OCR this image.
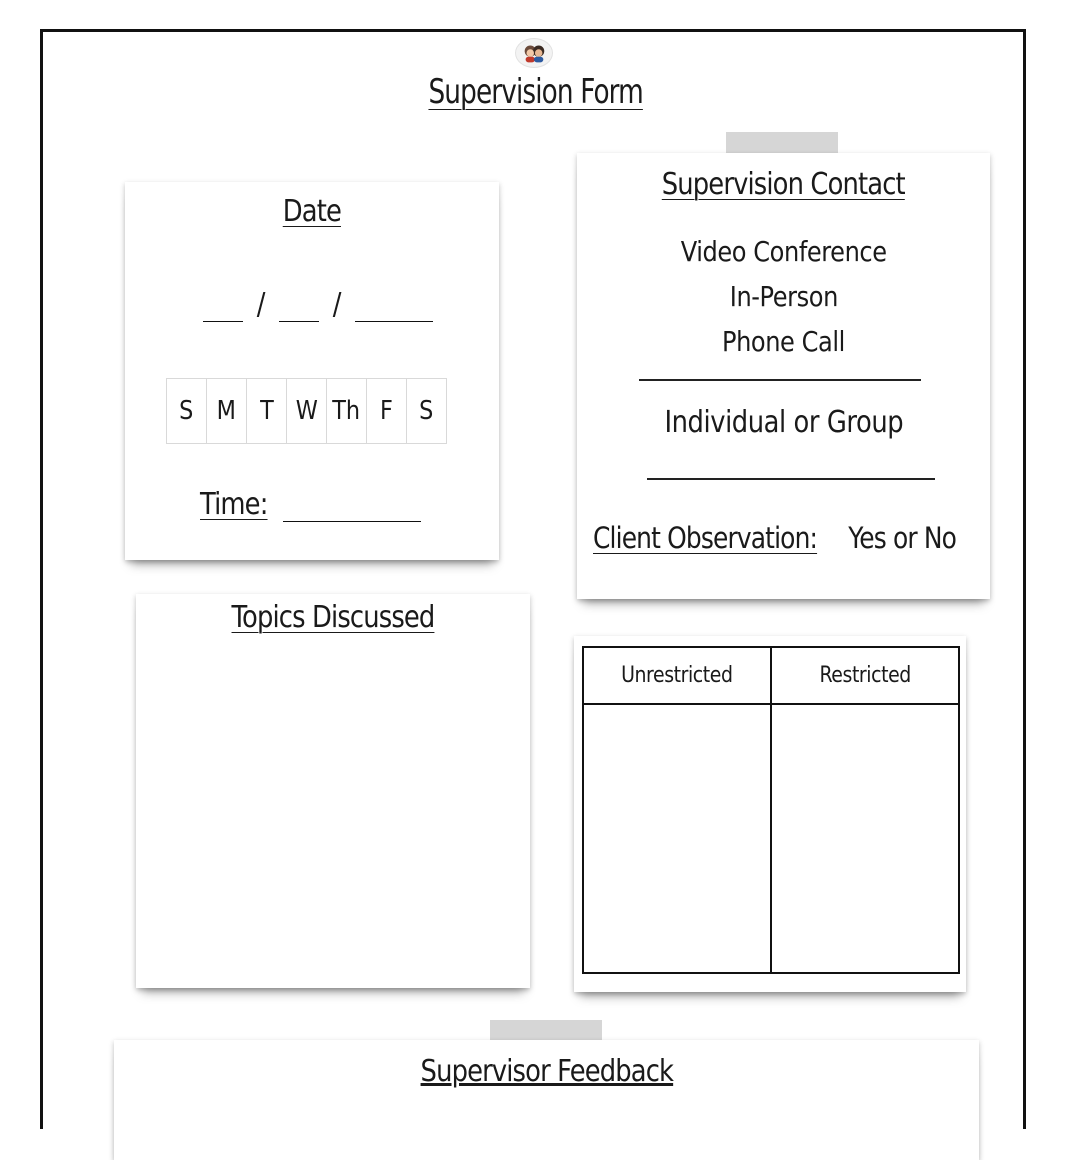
Supervision Form
Date
/ /
S M T W Th F S
Time:
Supervision Contact
Video Conference
In-Person
Phone Call
Individual or Group
Client Observation: Yes or No
Topics Discussed
Unrestricted	Restricted
Supervisor Feedback
